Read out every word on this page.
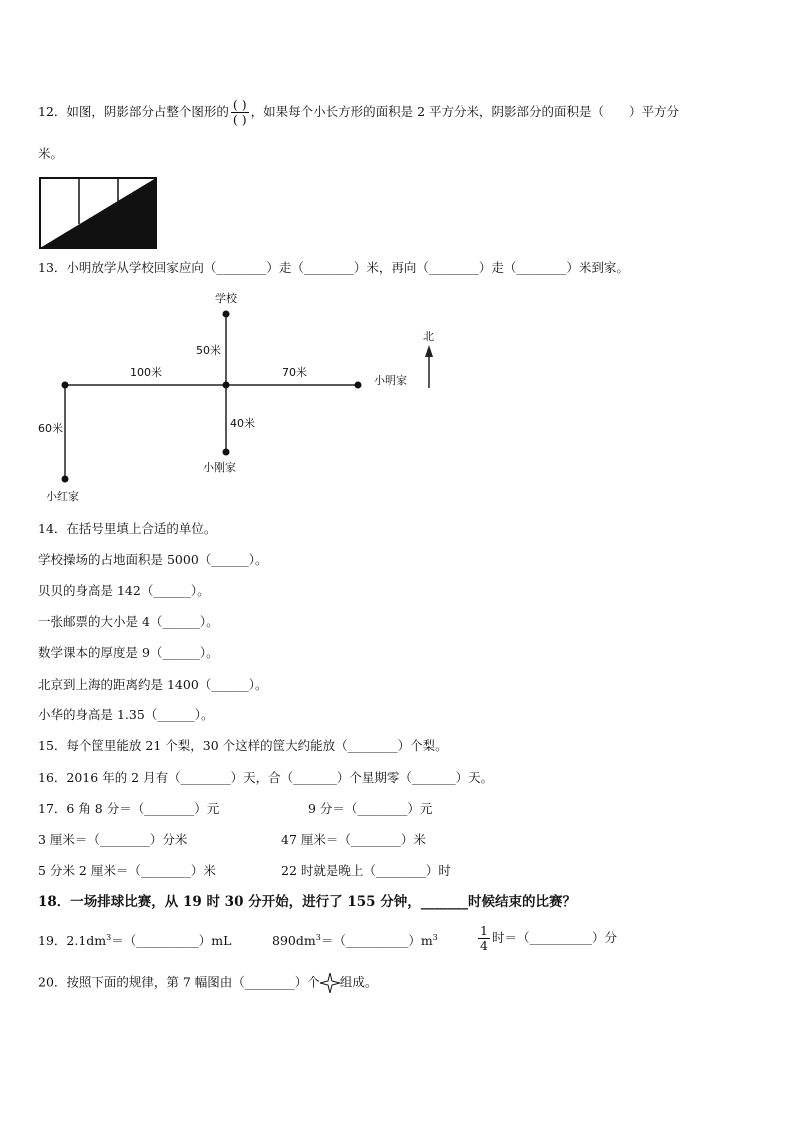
12．如图，阴影部分占整个图形的 $\frac{( )}{( )}$ ，如果每个小长方形的面积是 2 平方分米，阴影部分的面积是（　　）平方分
米。
13．小明放学从学校回家应向（________）走（________）米，再向（________）走（________）米到家。
学校
50米
100米	70米
小明家
60米	40米
小刚家
小红家
北
14．在括号里填上合适的单位。
学校操场的占地面积是 5000（______）。
贝贝的身高是 142（______）。
一张邮票的大小是 4（______）。
数学课本的厚度是 9（______）。
北京到上海的距离约是 1400（______）。
小华的身高是 1.35（______）。
15．每个筐里能放 21 个梨，30 个这样的筐大约能放（________）个梨。
16．2016 年的 2 月有（________）天，合（_______）个星期零（_______）天。
17．6 角 8 分＝（________）元	9 分＝（________）元
3 厘米＝（________）分米	47 厘米＝（________）米
5 分米 2 厘米＝（________）米	22 时就是晚上（________）时
18．一场排球比赛，从 19 时 30 分开始，进行了 155 分钟，_______时候结束的比赛？
19．$2.1dm^3=(\_\_\_\_\_\_\_\_\_\_)mL$	$890dm^3=(\_\_\_\_\_\_\_\_\_\_)m^3$	$\frac{1}{4}$ 时＝（__________）分
20．按照下面的规律，第 7 幅图由（________）个 组成。
